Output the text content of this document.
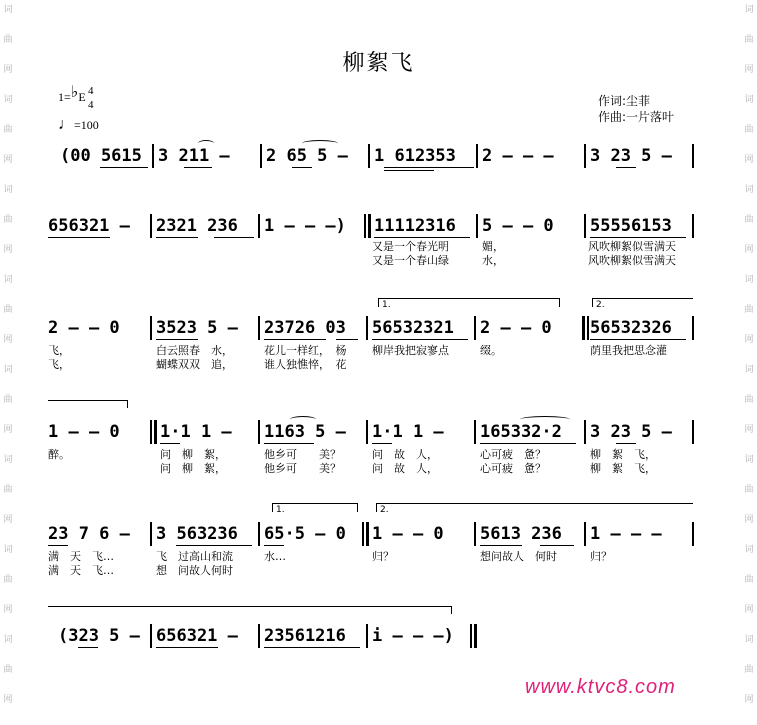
柳絮飞
1=♭E 4
4
♩=100
作词:尘菲
作曲:一片落叶
(00 5615 3 211 – 2 65 5 – 1 612353 2 – – – 3 23 5 –
656321 – 2321 236 1 – – –) 11112316 5 – – 0 55556153
又是一个春光明	媚，	风吹柳絮似雪满天
又是一个春山绿	水，	风吹柳絮似雪满天
1.	2.
2 – – 0 3523 5 – 23726 03 56532321 2 – – 0 56532326
飞，	白云照春　水，	花儿一样红，　杨 柳岸我把寂寥点	缀。	荫里我把思念灌
飞，	蝴蝶双双　追，	谁人独憔悴，　花
1 – – 0 1·1 1 – 1163 5 – 1·1 1 – 165332·2 3 23 5 –
醉。	问　柳　絮，	他乡可　　美？	问　故　人，	心可疲　惫？	柳　絮　飞，
问　柳　絮，	他乡可　　美？	问　故　人，	心可疲　惫？	柳　絮　飞，
1.	2.
23 7 6 – 3 563236 65·5 – 0 1 – – 0 5613 236 1 – – –
满　天　飞…	飞　过高山和流	水…	归？	想问故人　何时	归？
满　天　飞…	想　问故人何时
(323 5 – 656321 – 23561216 i – – –)
词
曲
网
词
曲
网
词
曲
网
词
曲
网
词
曲
网
词
曲
网
词
曲
网
词
曲
网
词
曲
网
词
曲
网
词
曲
网
词
曲
网
词
曲
网
词
曲
网
词
曲
网
词
曲
网
www.ktvc8.com
